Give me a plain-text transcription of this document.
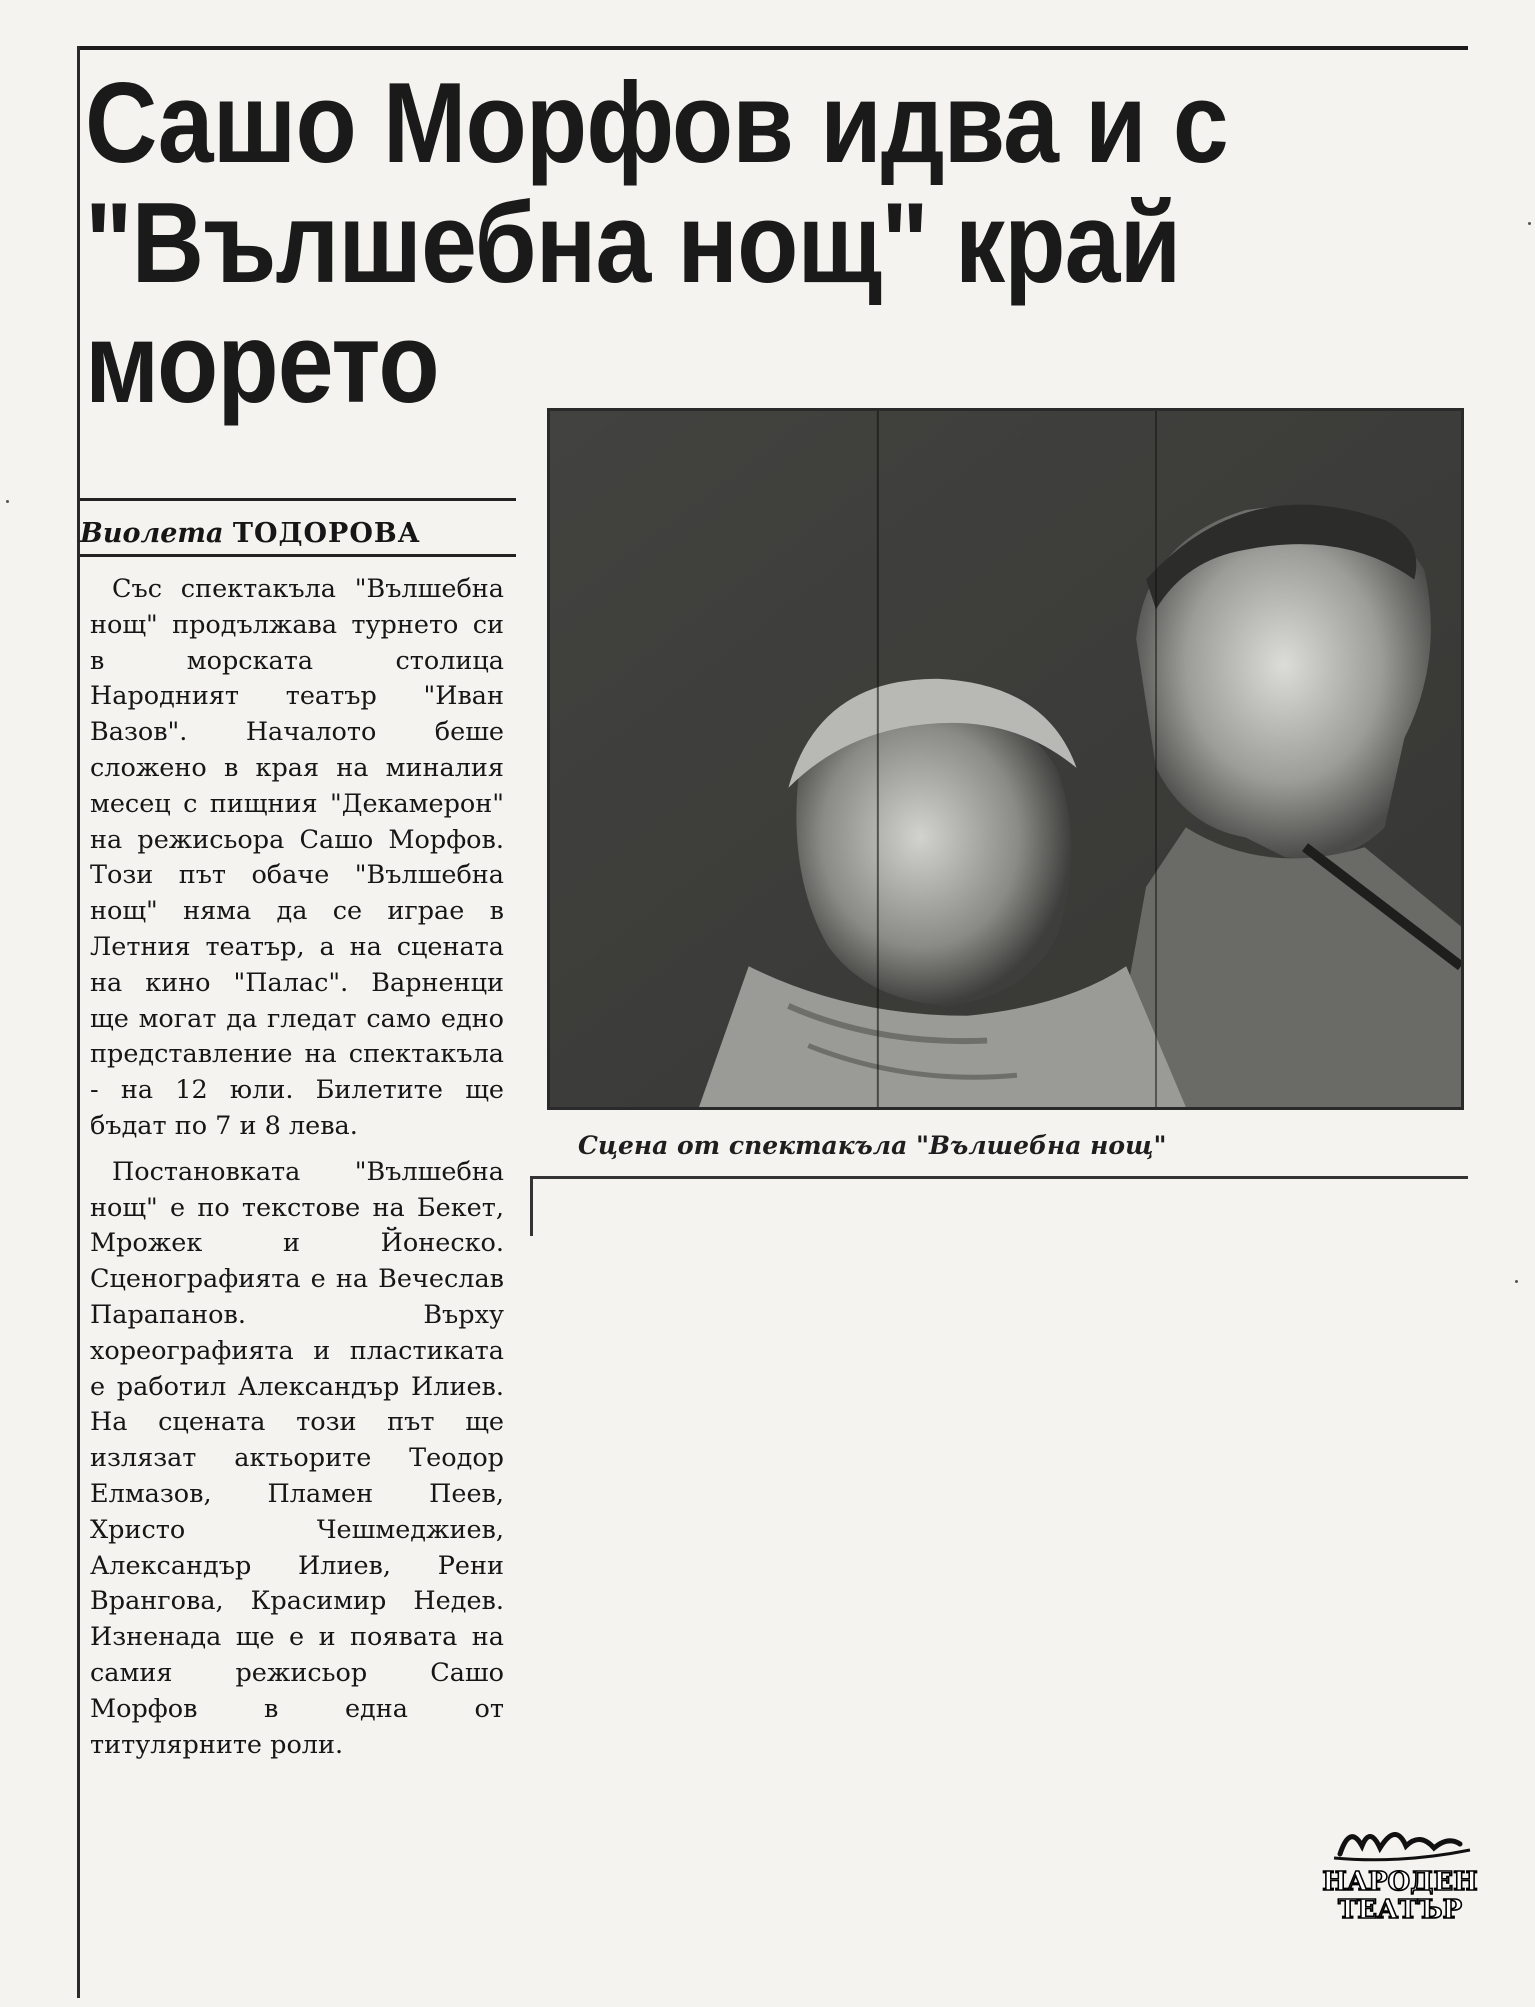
Сашо Морфов идва и с "Вълшебна нощ" край морето

Виолета ТОДОРОВА

Със спектакъла "Вълшебна нощ" продължава турнето си в морската столица Народният театър "Иван Вазов". Началото беше сложено в края на миналия месец с пищния "Декамерон" на режисьора Сашо Морфов. Този път обаче "Вълшебна нощ" няма да се играе в Летния театър, а на сцената на кино "Палас". Варненци ще могат да гледат само едно представление на спектакъла - на 12 юли. Билетите ще бъдат по 7 и 8 лева.

Постановката "Вълшебна нощ" е по текстове на Бекет, Мрожек и Йонеско. Сценографията е на Вечеслав Парапанов. Върху хореографията и пластиката е работил Александър Илиев. На сцената този път ще излязат актьорите Теодор Елмазов, Пламен Пеев, Христо Чешмеджиев, Александър Илиев, Рени Врангова, Красимир Недев. Изненада ще е и появата на самия режисьор Сашо Морфов в една от титулярните роли.

Сцена от спектакъла "Вълшебна нощ"

НАРОДЕН
ТЕАТЪР
